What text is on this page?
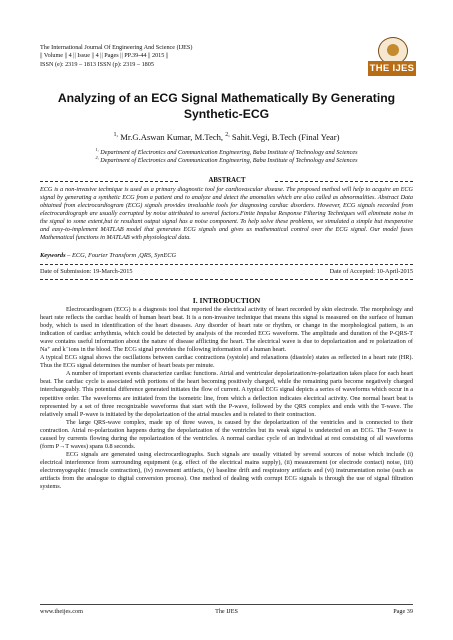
The International Journal Of Engineering And Science (IJES)
|| Volume || 4 || Issue || 4 || Pages || PP.39-44 || 2015 ||
ISSN (e): 2319 – 1813 ISSN (p): 2319 – 1805	THE IJES
Analyzing of an ECG Signal Mathematically By Generating Synthetic-ECG
$^{1,}$ Mr.G.Aswan Kumar, M.Tech, $^{2,}$ Sahit.Vegi, B.Tech (Final Year)
$^{1,}$ Department of Electronics and Communication Engineering, Baba Institute of Technology and Sciences
$^{2,}$ Department of Electronics and Communication Engineering, Baba Institute of Technology and Sciences
ABSTRACT
ECG is a non-invasive technique is used as a primary diagnostic tool for cardiovascular disease. The proposed method will help to acquire an ECG signal by generating a synthetic ECG from a patient and to analyze and detect the anomalies which are also called as abnormalities. Abstract Data obtained from electrocardiogram (ECG) signals provides invaluable tools for diagnosing cardiac disorders. However, ECG signals recorded from electrocardiograph are usually corrupted by noise attributed to several factors.Finite Impulse Response Filtering Techniques will eliminate noise in the signal to some extent,but te resultant output signal has a noise component. To help solve these problems, we simulated a simple but inexpensive and easy-to-implement MATLAB model that generates ECG signals and gives us mathematical control over the ECG signal. Our model fuses Mathematical functions in MATLAB with physiological data.
Keywords – ECG, Fourier Transform ,QRS, SynECG
Date of Submission: 19-March-2015	Date of Accepted: 10-April-2015
I. INTRODUCTION

Electrocardiogram (ECG) is a diagnosis tool that reported the electrical activity of heart recorded by skin electrode. The morphology and heart rate reflects the cardiac health of human heart beat. It is a non-invasive technique that means this signal is measured on the surface of human body, which is used in identification of the heart diseases. Any disorder of heart rate or rhythm, or change in the morphological pattern, is an indication of cardiac arrhythmia, which could be detected by analysis of the recorded ECG waveform. The amplitude and duration of the P-QRS-T wave contains useful information about the nature of disease afflicting the heart. The electrical wave is due to depolarization and re polarization of Na⁺ and k⁻ions in the blood. The ECG signal provides the following information of a human heart.

A typical ECG signal shows the oscillations between cardiac contractions (systole) and relaxations (diastole) states as reflected in a heart rate (HR). Thus the ECG signal determines the number of heart beats per minute.

A number of important events characterize cardiac functions. Atrial and ventricular depolarization/re-polarization takes place for each heart beat. The cardiac cycle is associated with portions of the heart becoming positively charged, while the remaining parts become negatively charged interchangeably. This potential difference generated initiates the flow of current. A typical ECG signal depicts a series of waveforms which occur in a repetitive order. The waveforms are initiated from the isometric line, from which a deflection indicates electrical activity. One normal heart beat is represented by a set of three recognizable waveforms that start with the P-wave, followed by the QRS complex and ends with the T-wave. The relatively small P-wave is initiated by the depolarization of the atrial muscles and is related to their contraction.

The large QRS-wave complex, made up of three waves, is caused by the depolarization of the ventricles and is connected to their contraction. Atrial re-polarization happens during the depolarization of the ventricles but its weak signal is undetected on an ECG. The T-wave is caused by currents flowing during the repolarization of the ventricles. A normal cardiac cycle of an individual at rest consisting of all waveforms (form P→T waves) spans 0.8 seconds.

ECG signals are generated using electrocardiographs. Such signals are usually vitiated by several sources of noise which include (i) electrical interference from surrounding equipment (e.g. effect of the electrical mains supply), (ii) measurement (or electrode contact) noise, (iii) electromyographic (muscle contraction), (iv) movement artifacts, (v) baseline drift and respiratory artifacts and (vi) instrumentation noise (such as artifacts from the analogue to digital conversion process). One method of dealing with corrupt ECG signals is through the use of signal filtration systems.

www.theijes.com	The IJES	Page 39
